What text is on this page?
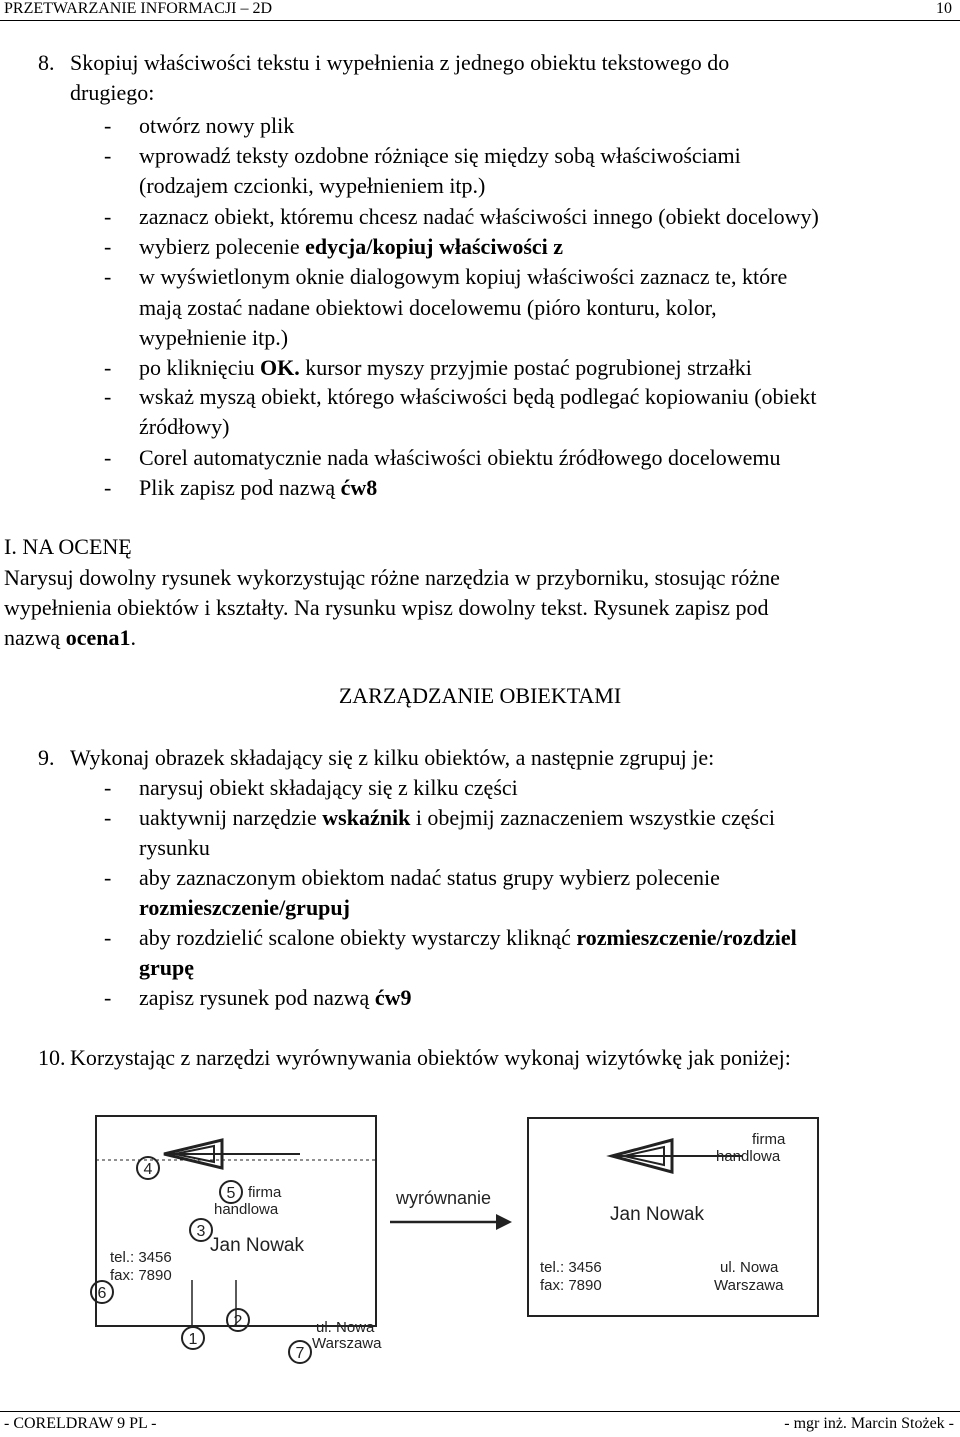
PRZETWARZANIE INFORMACJI – 2D	10
8. Skopiuj właściwości tekstu i wypełnienia z jednego obiektu tekstowego do
drugiego:
- otwórz nowy plik
- wprowadź teksty ozdobne różniące się między sobą właściwościami
(rodzajem czcionki, wypełnieniem itp.)
- zaznacz obiekt, któremu chcesz nadać właściwości innego (obiekt docelowy)
- wybierz polecenie edycja/kopiuj właściwości z
- w wyświetlonym oknie dialogowym kopiuj właściwości zaznacz te, które
mają zostać nadane obiektowi docelowemu (pióro konturu, kolor,
wypełnienie itp.)
- po kliknięciu OK. kursor myszy przyjmie postać pogrubionej strzałki
- wskaż myszą obiekt, którego właściwości będą podlegać kopiowaniu (obiekt
źródłowy)
- Corel automatycznie nada właściwości obiektu źródłowego docelowemu
- Plik zapisz pod nazwą ćw8
I. NA OCENĘ
Narysuj dowolny rysunek wykorzystując różne narzędzia w przyborniku, stosując różne
wypełnienia obiektów i kształty. Na rysunku wpisz dowolny tekst. Rysunek zapisz pod
nazwą ocena1.
ZARZĄDZANIE OBIEKTAMI
9. Wykonaj obrazek składający się z kilku obiektów, a następnie zgrupuj je:
- narysuj obiekt składający się z kilku części
- uaktywnij narzędzie wskaźnik i obejmij zaznaczeniem wszystkie części
rysunku
- aby zaznaczonym obiektom nadać status grupy wybierz polecenie
rozmieszczenie/grupuj
- aby rozdzielić scalone obiekty wystarczy kliknąć rozmieszczenie/rozdziel
grupę
- zapisz rysunek pod nazwą ćw9
10. Korzystając z narzędzi wyrównywania obiektów wykonaj wizytówkę jak poniżej:
4
5
3
6
2
1
7
firma
handlowa
Jan Nowak
tel.: 3456
fax: 7890
ul. Nowa
Warszawa
wyrównanie
firma
handlowa
Jan Nowak
tel.: 3456
fax: 7890
ul. Nowa
Warszawa
- CORELDRAW 9 PL -	- mgr inż. Marcin Stożek -
